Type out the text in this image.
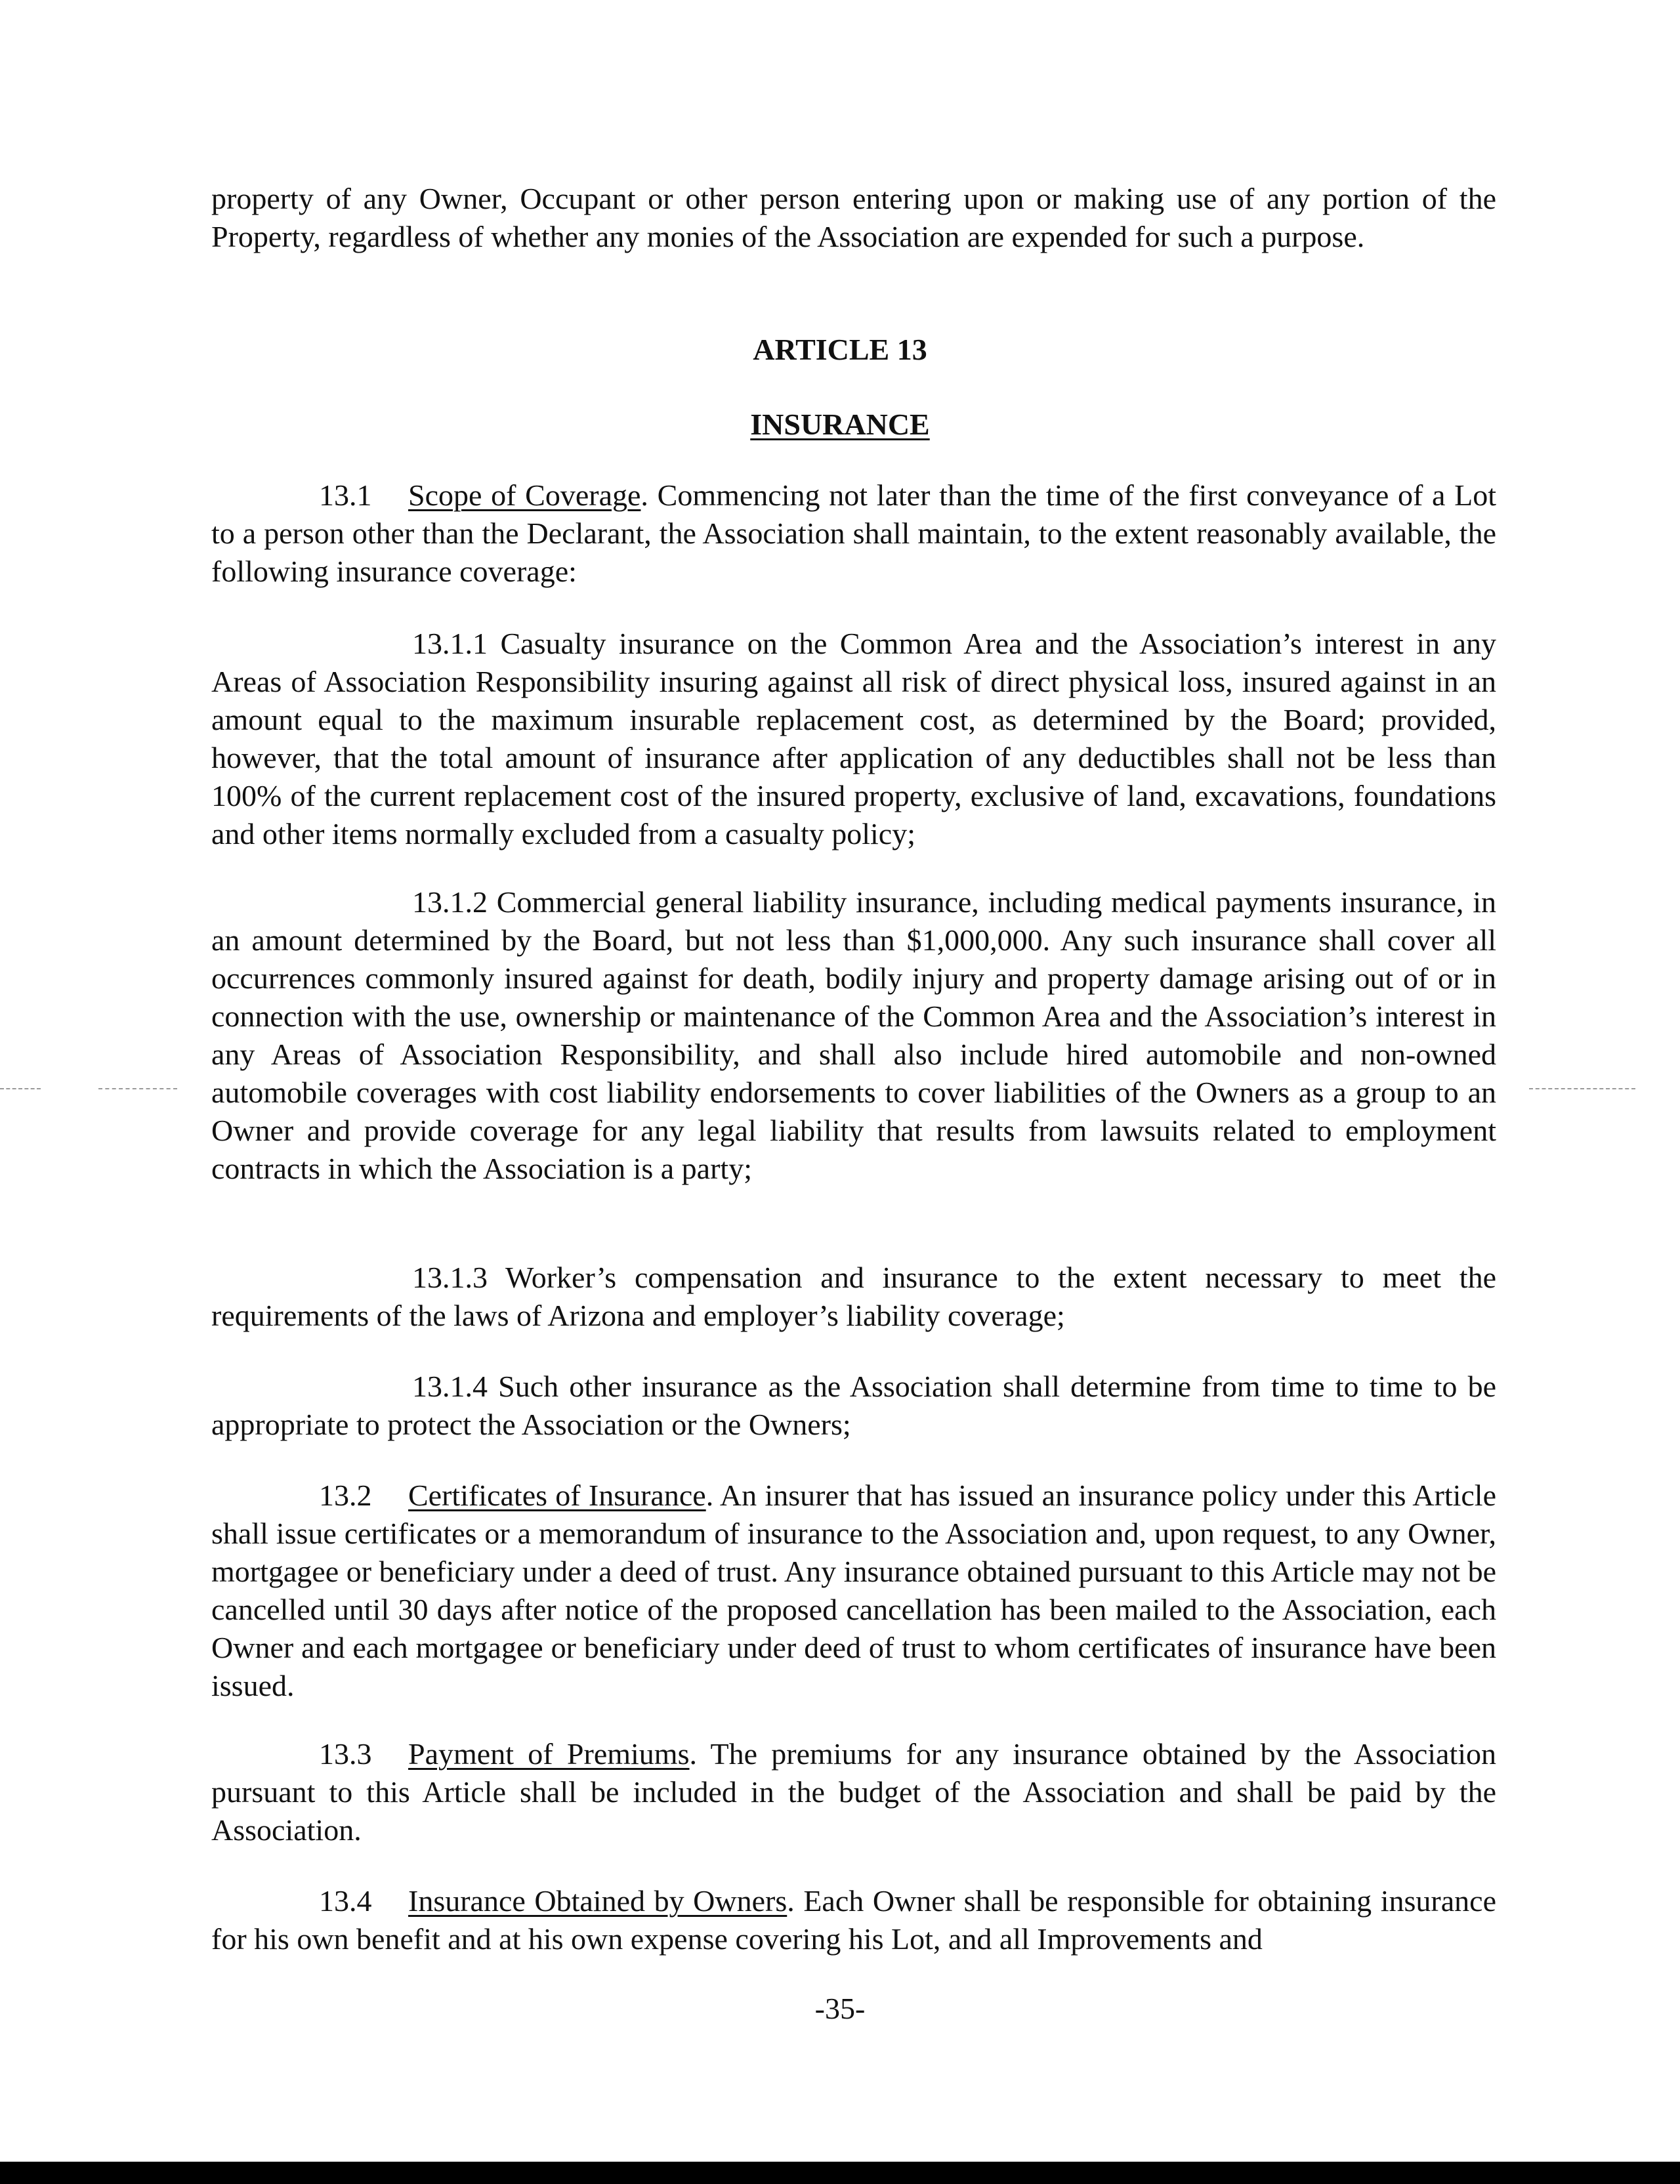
property of any Owner, Occupant or other person entering upon or making use of any portion of the Property, regardless of whether any monies of the Association are expended for such a purpose.

ARTICLE 13
INSURANCE

13.1 Scope of Coverage. Commencing not later than the time of the first conveyance of a Lot to a person other than the Declarant, the Association shall maintain, to the extent reasonably available, the following insurance coverage:

13.1.1 Casualty insurance on the Common Area and the Association’s interest in any Areas of Association Responsibility insuring against all risk of direct physical loss, insured against in an amount equal to the maximum insurable replacement cost, as determined by the Board; provided, however, that the total amount of insurance after application of any deductibles shall not be less than 100% of the current replacement cost of the insured property, exclusive of land, excavations, foundations and other items normally excluded from a casualty policy;

13.1.2 Commercial general liability insurance, including medical payments insurance, in an amount determined by the Board, but not less than $1,000,000. Any such insurance shall cover all occurrences commonly insured against for death, bodily injury and property damage arising out of or in connection with the use, ownership or maintenance of the Common Area and the Association’s interest in any Areas of Association Responsibility, and shall also include hired automobile and non-owned automobile coverages with cost liability endorsements to cover liabilities of the Owners as a group to an Owner and provide coverage for any legal liability that results from lawsuits related to employment contracts in which the Association is a party;

13.1.3 Worker’s compensation and insurance to the extent necessary to meet the requirements of the laws of Arizona and employer’s liability coverage;

13.1.4 Such other insurance as the Association shall determine from time to time to be appropriate to protect the Association or the Owners;

13.2 Certificates of Insurance. An insurer that has issued an insurance policy under this Article shall issue certificates or a memorandum of insurance to the Association and, upon request, to any Owner, mortgagee or beneficiary under a deed of trust. Any insurance obtained pursuant to this Article may not be cancelled until 30 days after notice of the proposed cancellation has been mailed to the Association, each Owner and each mortgagee or beneficiary under deed of trust to whom certificates of insurance have been issued.

13.3 Payment of Premiums. The premiums for any insurance obtained by the Association pursuant to this Article shall be included in the budget of the Association and shall be paid by the Association.

13.4 Insurance Obtained by Owners. Each Owner shall be responsible for obtaining insurance for his own benefit and at his own expense covering his Lot, and all Improvements and

-35-
